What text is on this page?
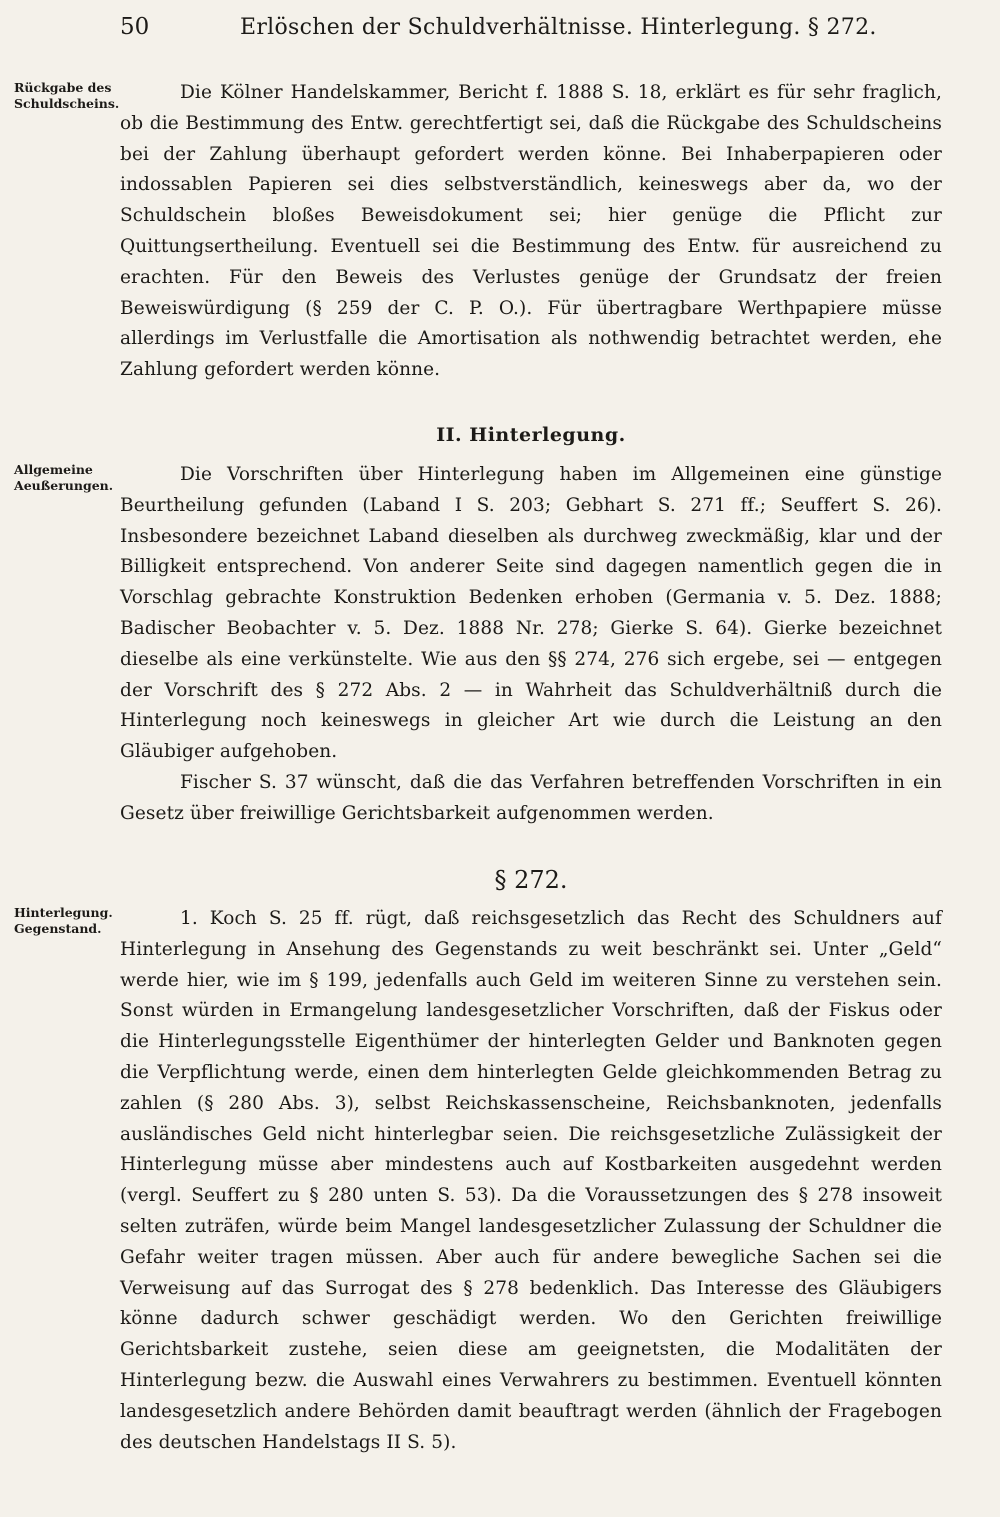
50	Erlöschen der Schuldverhältnisse. Hinterlegung. § 272.
Rückgabe des
Schuldscheins.
Allgemeine
Aeußerungen.
Hinterlegung.
Gegenstand.

Die Kölner Handelskammer, Bericht f. 1888 S. 18, erklärt es für sehr fraglich, ob die Bestimmung des Entw. gerechtfertigt sei, daß die Rückgabe des Schuldscheins bei der Zahlung überhaupt gefordert werden könne. Bei Inhaberpapieren oder indossablen Papieren sei dies selbstverständlich, keineswegs aber da, wo der Schuldschein bloßes Beweisdokument sei; hier genüge die Pflicht zur Quittungsertheilung. Eventuell sei die Bestimmung des Entw. für ausreichend zu erachten. Für den Beweis des Verlustes genüge der Grundsatz der freien Beweiswürdigung (§ 259 der C. P. O.). Für übertragbare Werthpapiere müsse allerdings im Verlustfalle die Amortisation als nothwendig betrachtet werden, ehe Zahlung gefordert werden könne.

II. Hinterlegung.

Die Vorschriften über Hinterlegung haben im Allgemeinen eine günstige Beurtheilung gefunden (Laband I S. 203; Gebhart S. 271 ff.; Seuffert S. 26). Insbesondere bezeichnet Laband dieselben als durchweg zweckmäßig, klar und der Billigkeit entsprechend. Von anderer Seite sind dagegen namentlich gegen die in Vorschlag gebrachte Konstruktion Bedenken erhoben (Germania v. 5. Dez. 1888; Badischer Beobachter v. 5. Dez. 1888 Nr. 278; Gierke S. 64). Gierke bezeichnet dieselbe als eine verkünstelte. Wie aus den §§ 274, 276 sich ergebe, sei — entgegen der Vorschrift des § 272 Abs. 2 — in Wahrheit das Schuldverhältniß durch die Hinterlegung noch keineswegs in gleicher Art wie durch die Leistung an den Gläubiger aufgehoben.

Fischer S. 37 wünscht, daß die das Verfahren betreffenden Vorschriften in ein Gesetz über freiwillige Gerichtsbarkeit aufgenommen werden.

§ 272.

1. Koch S. 25 ff. rügt, daß reichsgesetzlich das Recht des Schuldners auf Hinterlegung in Ansehung des Gegenstands zu weit beschränkt sei. Unter „Geld“ werde hier, wie im § 199, jedenfalls auch Geld im weiteren Sinne zu verstehen sein. Sonst würden in Ermangelung landesgesetzlicher Vorschriften, daß der Fiskus oder die Hinterlegungsstelle Eigenthümer der hinterlegten Gelder und Banknoten gegen die Verpflichtung werde, einen dem hinterlegten Gelde gleichkommenden Betrag zu zahlen (§ 280 Abs. 3), selbst Reichskassenscheine, Reichsbanknoten, jedenfalls ausländisches Geld nicht hinterlegbar seien. Die reichsgesetzliche Zulässigkeit der Hinterlegung müsse aber mindestens auch auf Kostbarkeiten ausgedehnt werden (vergl. Seuffert zu § 280 unten S. 53). Da die Voraussetzungen des § 278 insoweit selten zuträfen, würde beim Mangel landesgesetzlicher Zulassung der Schuldner die Gefahr weiter tragen müssen. Aber auch für andere bewegliche Sachen sei die Verweisung auf das Surrogat des § 278 bedenklich. Das Interesse des Gläubigers könne dadurch schwer geschädigt werden. Wo den Gerichten freiwillige Gerichtsbarkeit zustehe, seien diese am geeignetsten, die Modalitäten der Hinterlegung bezw. die Auswahl eines Verwahrers zu bestimmen. Eventuell könnten landesgesetzlich andere Behörden damit beauftragt werden (ähnlich der Fragebogen des deutschen Handelstags II S. 5).
